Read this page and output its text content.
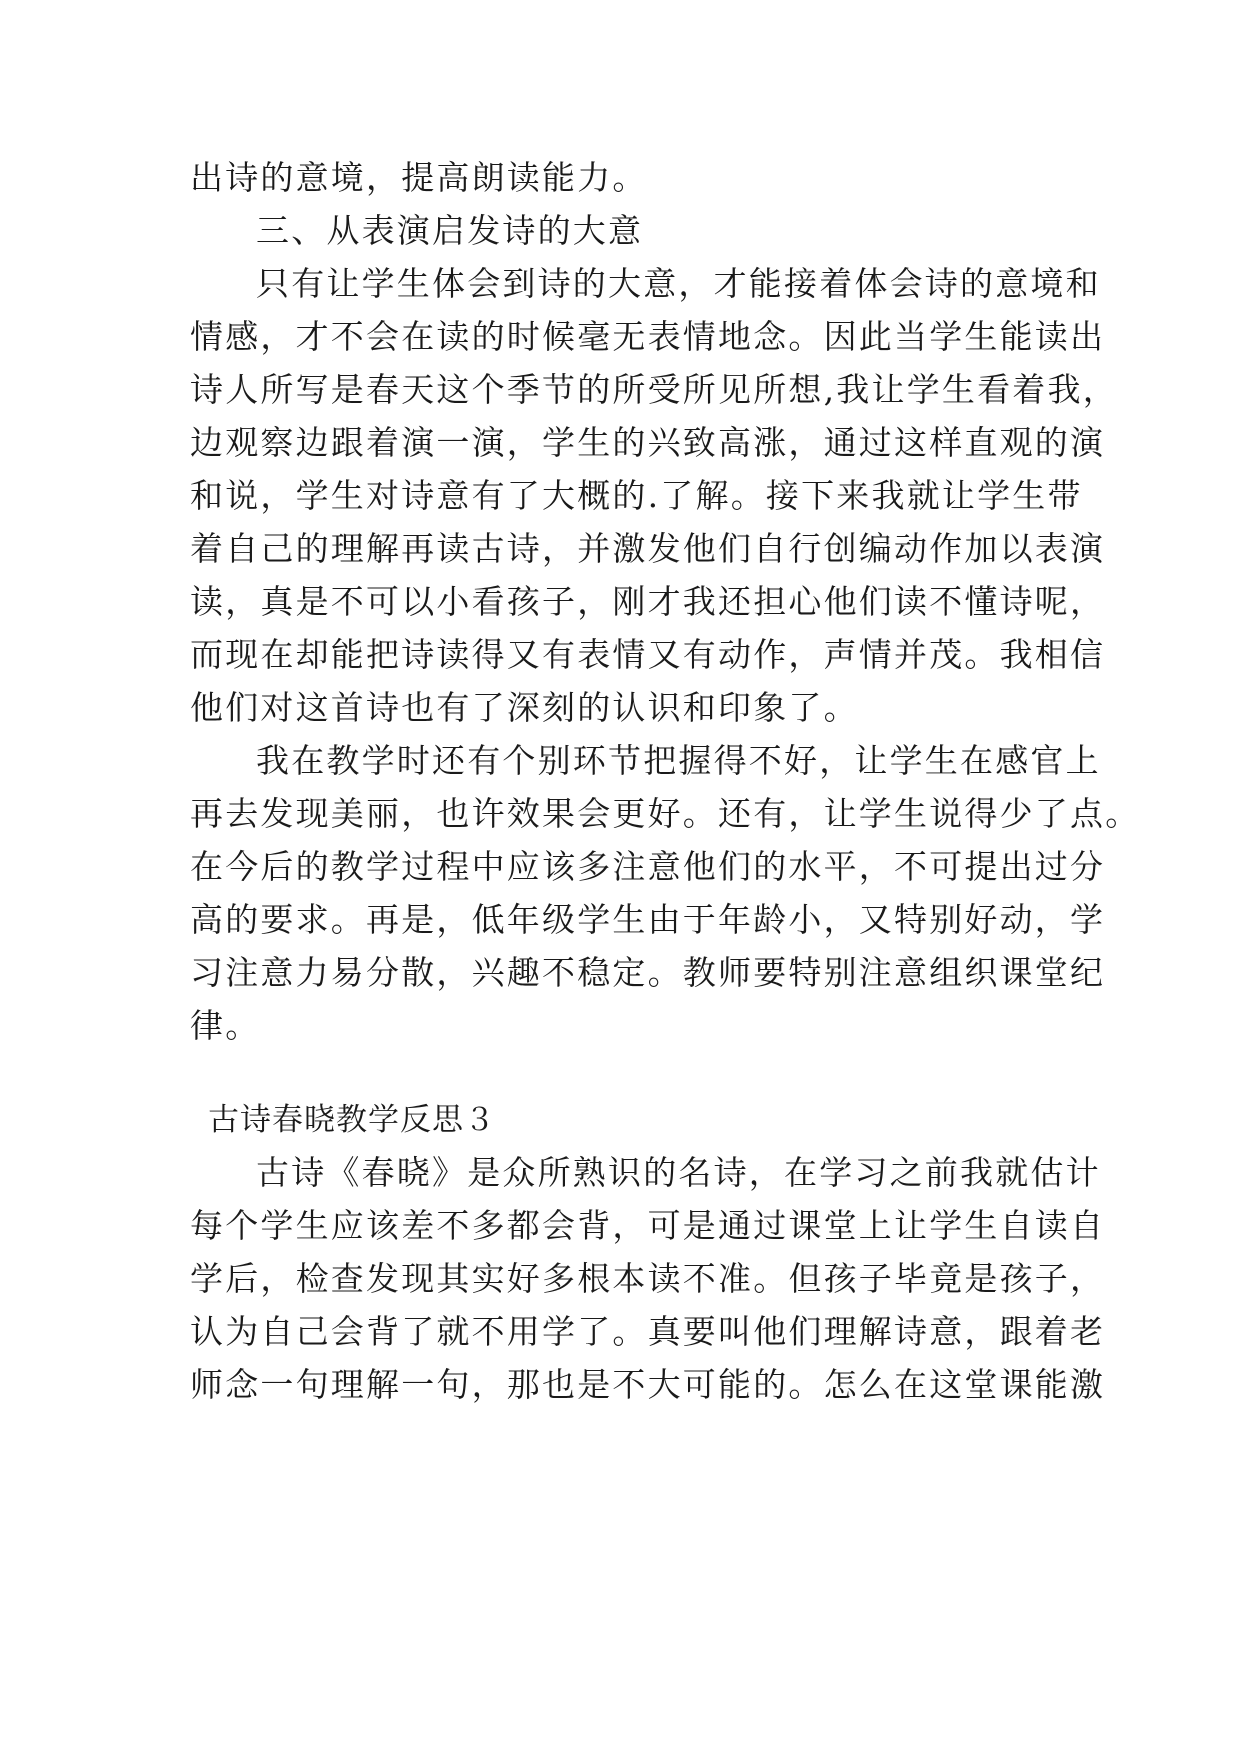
出诗的意境，提高朗读能力。
三、从表演启发诗的大意
只有让学生体会到诗的大意，才能接着体会诗的意境和
情感，才不会在读的时候毫无表情地念。因此当学生能读出
诗人所写是春天这个季节的所受所见所想,我让学生看着我，
边观察边跟着演一演，学生的兴致高涨，通过这样直观的演
和说，学生对诗意有了大概的.了解。接下来我就让学生带
着自己的理解再读古诗，并激发他们自行创编动作加以表演
读，真是不可以小看孩子，刚才我还担心他们读不懂诗呢，
而现在却能把诗读得又有表情又有动作，声情并茂。我相信
他们对这首诗也有了深刻的认识和印象了。
我在教学时还有个别环节把握得不好，让学生在感官上
再去发现美丽，也许效果会更好。还有，让学生说得少了点。
在今后的教学过程中应该多注意他们的水平，不可提出过分
高的要求。再是，低年级学生由于年龄小，又特别好动，学
习注意力易分散，兴趣不稳定。教师要特别注意组织课堂纪
律。
古诗春晓教学反思３
古诗《春晓》是众所熟识的名诗，在学习之前我就估计
每个学生应该差不多都会背，可是通过课堂上让学生自读自
学后，检查发现其实好多根本读不准。但孩子毕竟是孩子，
认为自己会背了就不用学了。真要叫他们理解诗意，跟着老
师念一句理解一句，那也是不大可能的。怎么在这堂课能激
